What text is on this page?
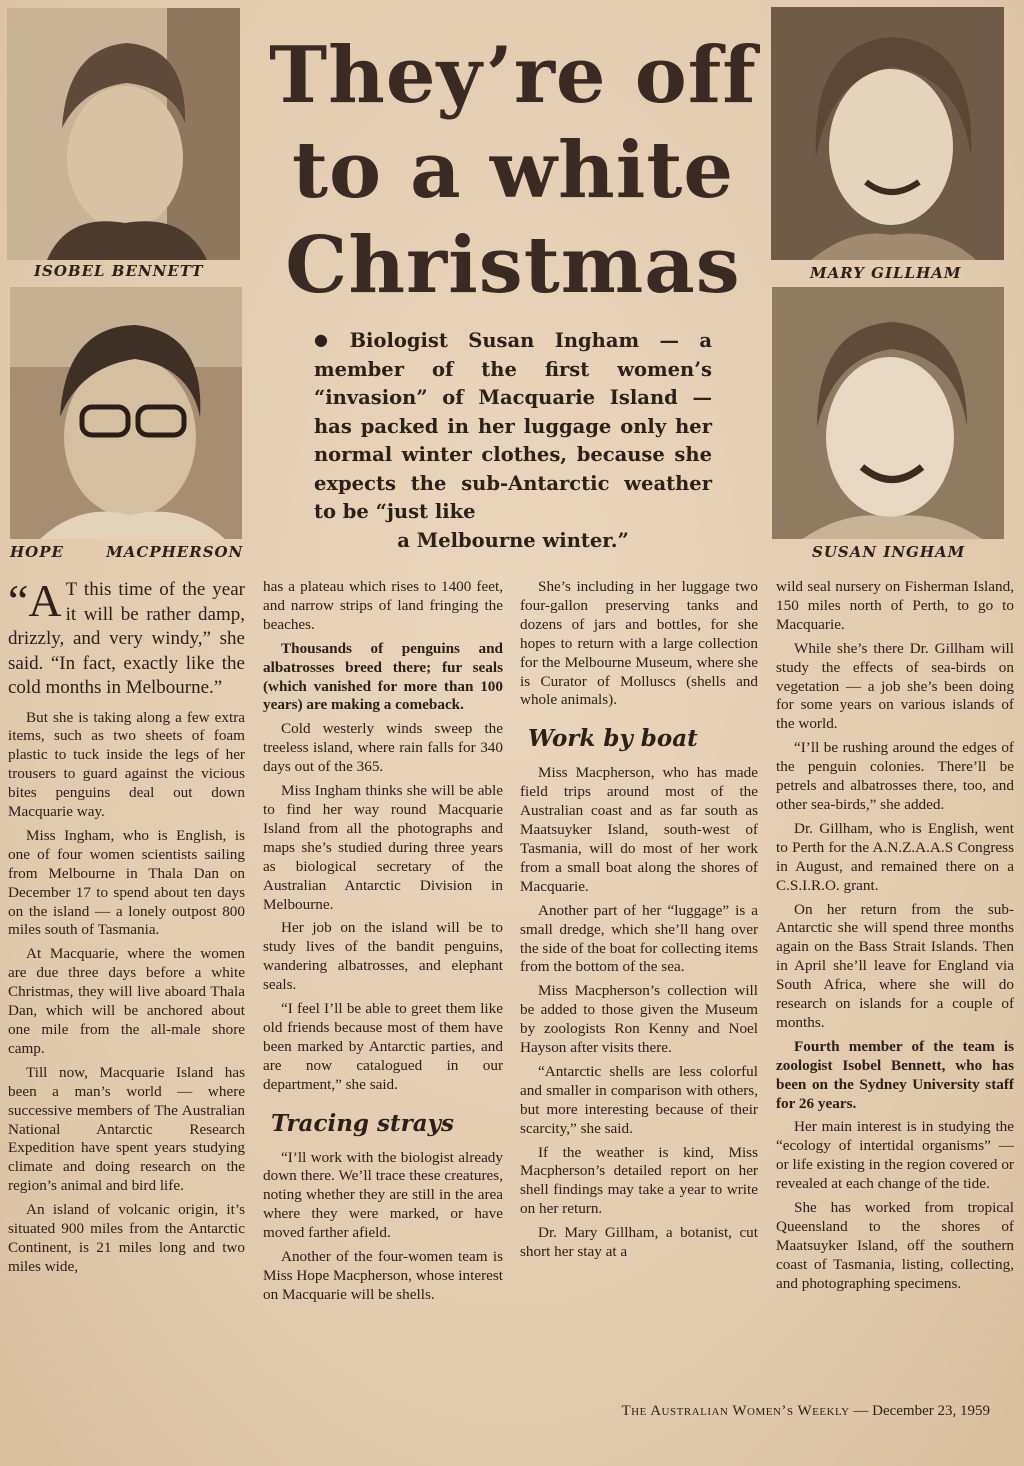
ISOBEL BENNETT
HOPE MACPHERSON
MARY GILLHAM
SUSAN INGHAM
They’re off
to a white
Christmas
● Biologist Susan Ingham — a member of the first women’s “invasion” of Macquarie Island — has packed in her luggage only her normal winter clothes, because she expects the sub-Antarctic weather to be “just like
a Melbourne winter.”

“A T this time of the year it will be rather damp, drizzly, and very windy,” she said. “In fact, exactly like the cold months in Melbourne.”

But she is taking along a few extra items, such as two sheets of foam plastic to tuck inside the legs of her trousers to guard against the vicious bites penguins deal out down Macquarie way.

Miss Ingham, who is English, is one of four women scientists sailing from Melbourne in Thala Dan on December 17 to spend about ten days on the island — a lonely outpost 800 miles south of Tasmania.

At Macquarie, where the women are due three days before a white Christmas, they will live aboard Thala Dan, which will be anchored about one mile from the all-male shore camp.

Till now, Macquarie Island has been a man’s world — where successive members of The Australian National Antarctic Research Expedition have spent years studying climate and doing research on the region’s animal and bird life.

An island of volcanic origin, it’s situated 900 miles from the Antarctic Continent, is 21 miles long and two miles wide,

has a plateau which rises to 1400 feet, and narrow strips of land fringing the beaches.

Thousands of penguins and albatrosses breed there; fur seals (which vanished for more than 100 years) are making a comeback.

Cold westerly winds sweep the treeless island, where rain falls for 340 days out of the 365.

Miss Ingham thinks she will be able to find her way round Macquarie Island from all the photographs and maps she’s studied during three years as biological secretary of the Australian Antarctic Division in Melbourne.

Her job on the island will be to study lives of the bandit penguins, wandering albatrosses, and elephant seals.

“I feel I’ll be able to greet them like old friends because most of them have been marked by Antarctic parties, and are now catalogued in our department,” she said.

Tracing strays

“I’ll work with the biologist already down there. We’ll trace these creatures, noting whether they are still in the area where they were marked, or have moved farther afield.

Another of the four-women team is Miss Hope Macpherson, whose interest on Macquarie will be shells.

She’s including in her luggage two four-gallon preserving tanks and dozens of jars and bottles, for she hopes to return with a large collection for the Melbourne Museum, where she is Curator of Molluscs (shells and whole animals).

Work by boat

Miss Macpherson, who has made field trips around most of the Australian coast and as far south as Maatsuyker Island, south-west of Tasmania, will do most of her work from a small boat along the shores of Macquarie.

Another part of her “luggage” is a small dredge, which she’ll hang over the side of the boat for collecting items from the bottom of the sea.

Miss Macpherson’s collection will be added to those given the Museum by zoologists Ron Kenny and Noel Hayson after visits there.

“Antarctic shells are less colorful and smaller in comparison with others, but more interesting because of their scarcity,” she said.

If the weather is kind, Miss Macpherson’s detailed report on her shell findings may take a year to write on her return.

Dr. Mary Gillham, a botanist, cut short her stay at a

wild seal nursery on Fisherman Island, 150 miles north of Perth, to go to Macquarie.

While she’s there Dr. Gillham will study the effects of sea-birds on vegetation — a job she’s been doing for some years on various islands of the world.

“I’ll be rushing around the edges of the penguin colonies. There’ll be petrels and albatrosses there, too, and other sea-birds,” she added.

Dr. Gillham, who is English, went to Perth for the A.N.Z.A.A.S Congress in August, and remained there on a C.S.I.R.O. grant.

On her return from the sub-Antarctic she will spend three months again on the Bass Strait Islands. Then in April she’ll leave for England via South Africa, where she will do research on islands for a couple of months.

Fourth member of the team is zoologist Isobel Bennett, who has been on the Sydney University staff for 26 years.

Her main interest is in studying the “ecology of intertidal organisms” — or life existing in the region covered or revealed at each change of the tide.

She has worked from tropical Queensland to the shores of Maatsuyker Island, off the southern coast of Tasmania, listing, collecting, and photographing specimens.

The Australian Women’s Weekly — December 23, 1959
